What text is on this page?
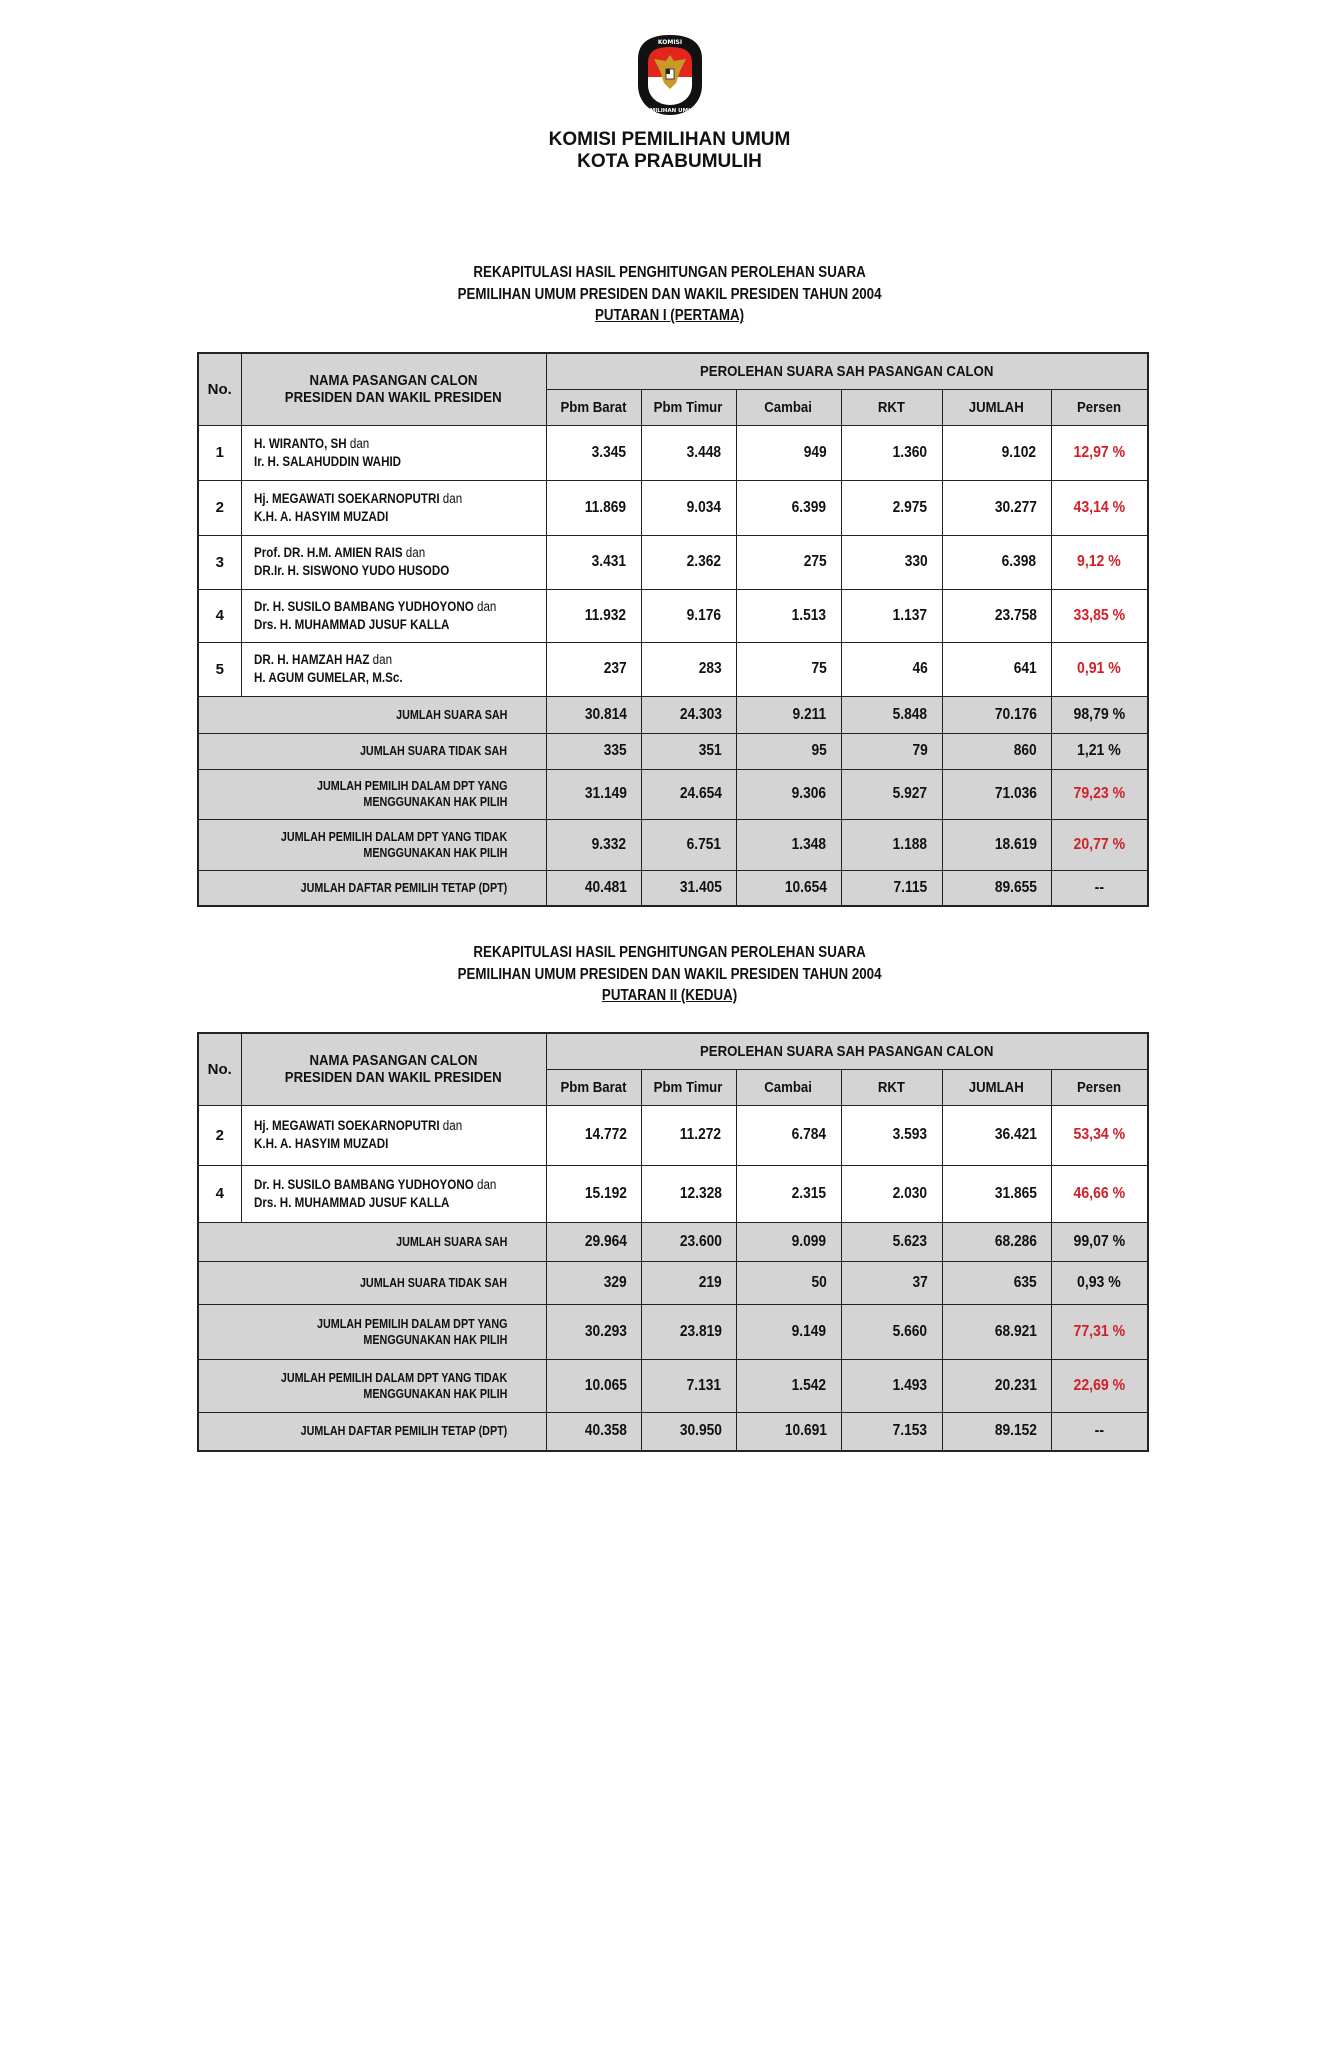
KOMISI
PEMILIHAN UMUM
KOMISI PEMILIHAN UMUM
KOTA PRABUMULIH
REKAPITULASI HASIL PENGHITUNGAN PEROLEHAN SUARA
PEMILIHAN UMUM PRESIDEN DAN WAKIL PRESIDEN TAHUN 2004
PUTARAN I (PERTAMA)
No.	NAMA PASANGAN CALON
PRESIDEN DAN WAKIL PRESIDEN	PEROLEHAN SUARA SAH PASANGAN CALON					
		Pbm Barat	Pbm Timur	Cambai	RKT	JUMLAH	Persen
1	H. WIRANTO, SH dan
Ir. H. SALAHUDDIN WAHID	3.345	3.448	949	1.360	9.102	12,97 %
2	Hj. MEGAWATI SOEKARNOPUTRI dan
K.H. A. HASYIM MUZADI	11.869	9.034	6.399	2.975	30.277	43,14 %
3	Prof. DR. H.M. AMIEN RAIS dan
DR.Ir. H. SISWONO YUDO HUSODO	3.431	2.362	275	330	6.398	9,12 %
4	Dr. H. SUSILO BAMBANG YUDHOYONO dan
Drs. H. MUHAMMAD JUSUF KALLA	11.932	9.176	1.513	1.137	23.758	33,85 %
5	DR. H. HAMZAH HAZ dan
H. AGUM GUMELAR, M.Sc.	237	283	75	46	641	0,91 %
JUMLAH SUARA SAH		30.814	24.303	9.211	5.848	70.176	98,79 %
JUMLAH SUARA TIDAK SAH		335	351	95	79	860	1,21 %
JUMLAH PEMILIH DALAM DPT YANG
MENGGUNAKAN HAK PILIH		31.149	24.654	9.306	5.927	71.036	79,23 %
JUMLAH PEMILIH DALAM DPT YANG TIDAK
MENGGUNAKAN HAK PILIH		9.332	6.751	1.348	1.188	18.619	20,77 %
JUMLAH DAFTAR PEMILIH TETAP (DPT)		40.481	31.405	10.654	7.115	89.655	--
REKAPITULASI HASIL PENGHITUNGAN PEROLEHAN SUARA
PEMILIHAN UMUM PRESIDEN DAN WAKIL PRESIDEN TAHUN 2004
PUTARAN II (KEDUA)
No.	NAMA PASANGAN CALON
PRESIDEN DAN WAKIL PRESIDEN	PEROLEHAN SUARA SAH PASANGAN CALON					
		Pbm Barat	Pbm Timur	Cambai	RKT	JUMLAH	Persen
2	Hj. MEGAWATI SOEKARNOPUTRI dan
K.H. A. HASYIM MUZADI	14.772	11.272	6.784	3.593	36.421	53,34 %
4	Dr. H. SUSILO BAMBANG YUDHOYONO dan
Drs. H. MUHAMMAD JUSUF KALLA	15.192	12.328	2.315	2.030	31.865	46,66 %
JUMLAH SUARA SAH		29.964	23.600	9.099	5.623	68.286	99,07 %
JUMLAH SUARA TIDAK SAH		329	219	50	37	635	0,93 %
JUMLAH PEMILIH DALAM DPT YANG
MENGGUNAKAN HAK PILIH		30.293	23.819	9.149	5.660	68.921	77,31 %
JUMLAH PEMILIH DALAM DPT YANG TIDAK
MENGGUNAKAN HAK PILIH		10.065	7.131	1.542	1.493	20.231	22,69 %
JUMLAH DAFTAR PEMILIH TETAP (DPT)		40.358	30.950	10.691	7.153	89.152	--
